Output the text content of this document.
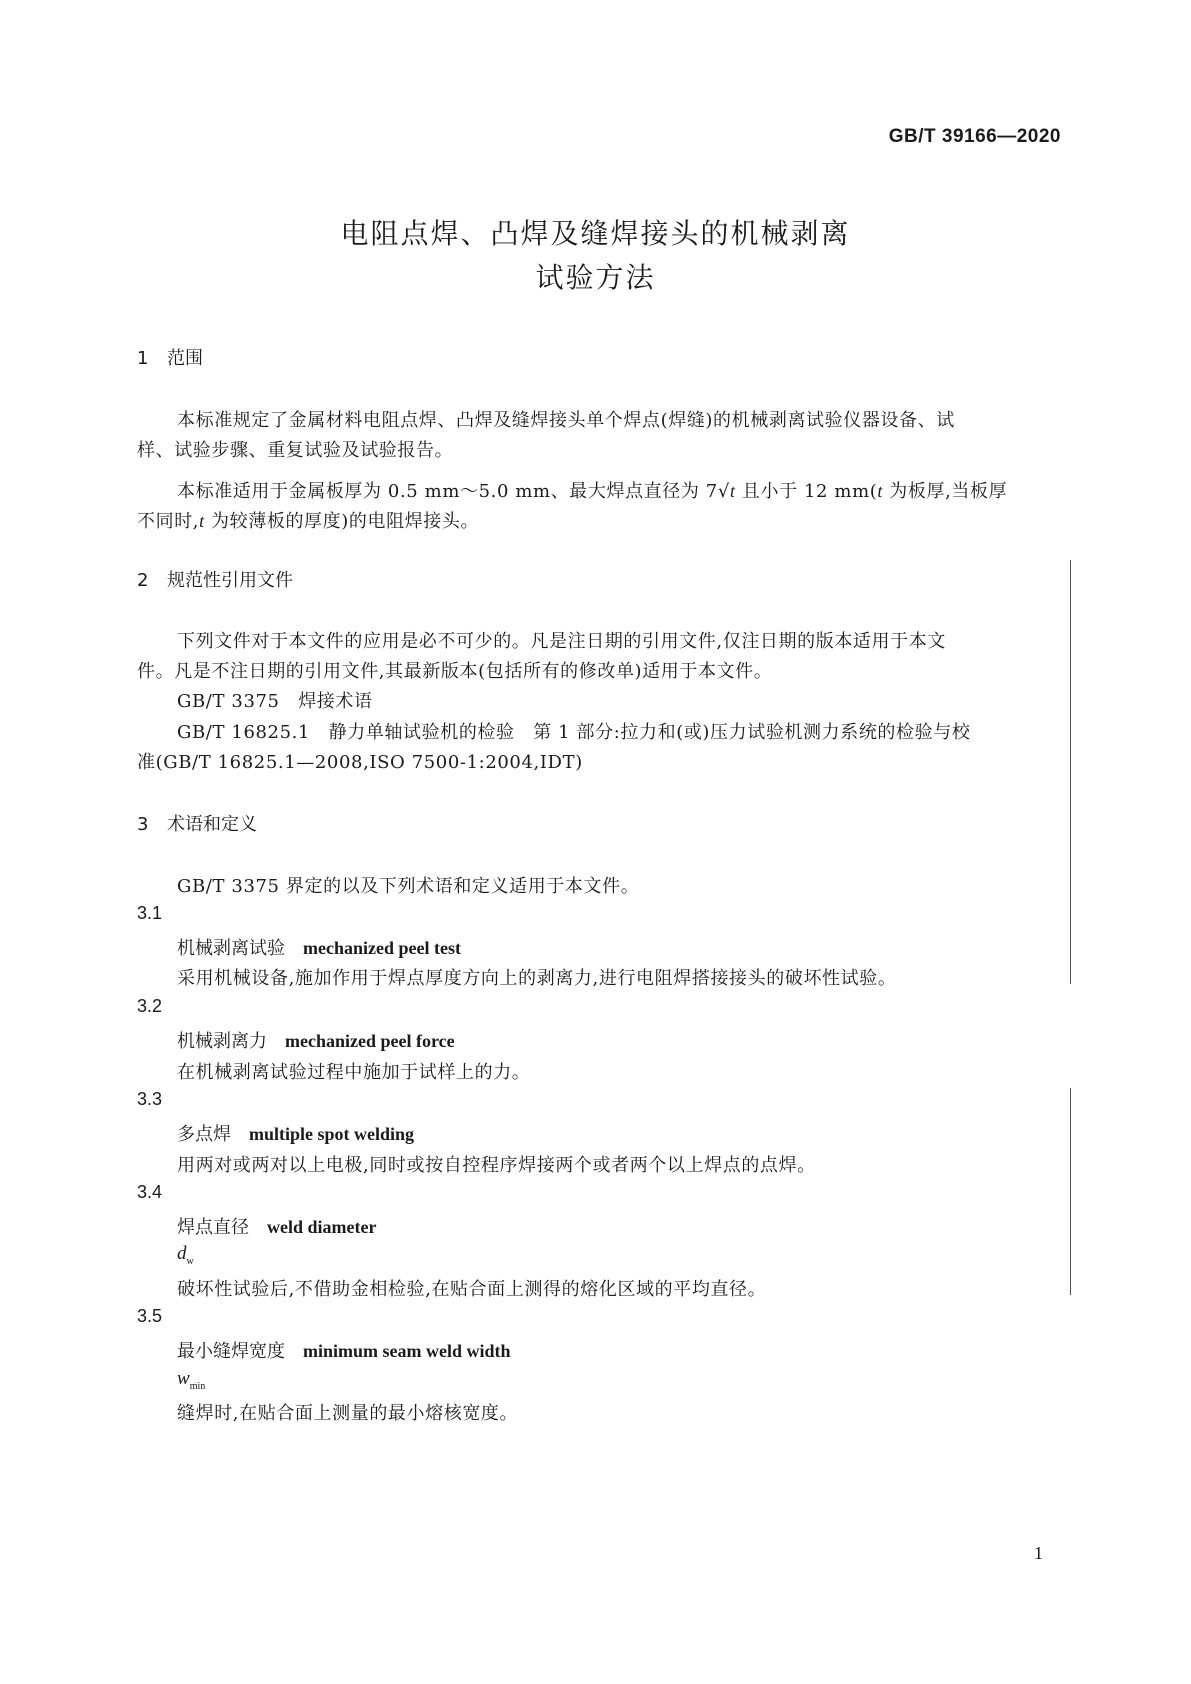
GB/T 39166—2020
电阻点焊、凸焊及缝焊接头的机械剥离
试验方法
1 范围
本标准规定了金属材料电阻点焊、凸焊及缝焊接头单个焊点(焊缝)的机械剥离试验仪器设备、试
样、试验步骤、重复试验及试验报告。
本标准适用于金属板厚为 0.5 mm～5.0 mm、最大焊点直径为 7√t 且小于 12 mm(t 为板厚,当板厚
不同时,t 为较薄板的厚度)的电阻焊接头。
2 规范性引用文件
下列文件对于本文件的应用是必不可少的。凡是注日期的引用文件,仅注日期的版本适用于本文
件。凡是不注日期的引用文件,其最新版本(包括所有的修改单)适用于本文件。
GB/T 3375　焊接术语
GB/T 16825.1　静力单轴试验机的检验　第 1 部分:拉力和(或)压力试验机测力系统的检验与校
准(GB/T 16825.1—2008,ISO 7500-1:2004,IDT)
3 术语和定义
GB/T 3375 界定的以及下列术语和定义适用于本文件。
3.1
机械剥离试验 mechanized peel test
采用机械设备,施加作用于焊点厚度方向上的剥离力,进行电阻焊搭接接头的破坏性试验。
3.2
机械剥离力 mechanized peel force
在机械剥离试验过程中施加于试样上的力。
3.3
多点焊 multiple spot welding
用两对或两对以上电极,同时或按自控程序焊接两个或者两个以上焊点的点焊。
3.4
焊点直径 weld diameter
$d_w$
破坏性试验后,不借助金相检验,在贴合面上测得的熔化区域的平均直径。
3.5
最小缝焊宽度 minimum seam weld width
$w_{min}$
缝焊时,在贴合面上测量的最小熔核宽度。
1
